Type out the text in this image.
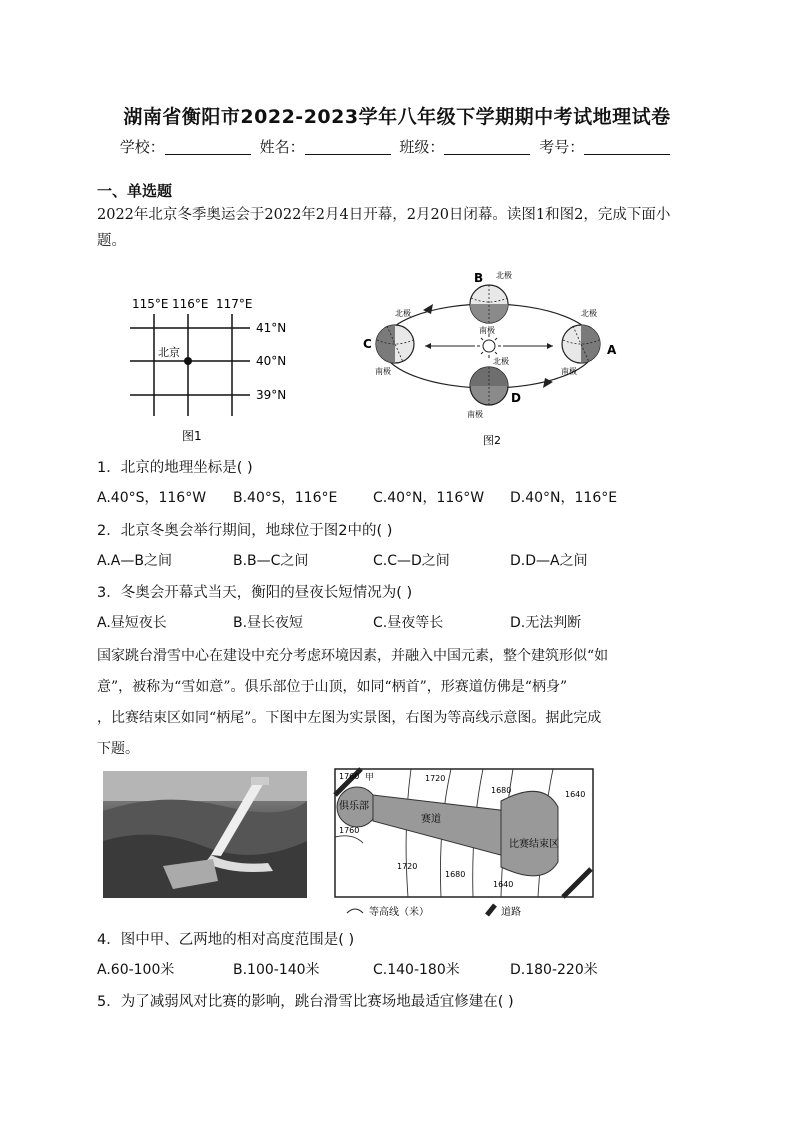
湖南省衡阳市2022-2023学年八年级下学期期中考试地理试卷
学校：	姓名：	班级：	考号：
一、单选题
2022年北京冬季奥运会于2022年2月4日开幕，2月20日闭幕。读图1和图2，完成下面小
题。
115°E 116°E 117°E
41°N
40°N
39°N
北京
图1
B 北极
南极
D
北极
南极
C
北极
南极
A
北极
南极
图2
1．北京的地理坐标是( )
A.40°S，116°W B.40°S，116°E	C.40°N，116°W D.40°N，116°E
2．北京冬奥会举行期间，地球位于图2中的( )
A.A—B之间	B.B—C之间	C.C—D之间	D.D—A之间
3．冬奥会开幕式当天，衡阳的昼夜长短情况为( )
A.昼短夜长	B.昼长夜短	C.昼夜等长	D.无法判断
国家跳台滑雪中心在建设中充分考虑环境因素，并融入中国元素，整个建筑形似“如
意”，被称为“雪如意”。俱乐部位于山顶，如同“柄首”，形赛道仿佛是“柄身”
，比赛结束区如同“柄尾”。下图中左图为实景图，右图为等高线示意图。据此完成
下题。
1760 甲	1720
1680	1640
1760
1720
1680
1640
俱乐部
赛道
比赛结束区
等高线（米）	道路
4．图中甲、乙两地的相对高度范围是( )
A.60-100米	B.100-140米	C.140-180米	D.180-220米
5．为了减弱风对比赛的影响，跳台滑雪比赛场地最适宜修建在( )
